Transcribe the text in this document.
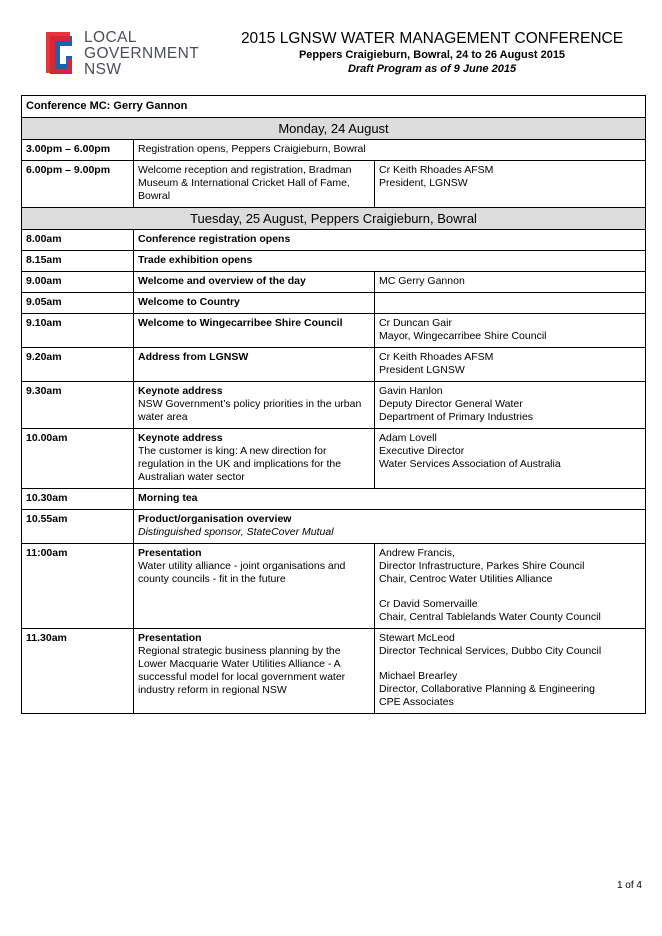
LOCAL
GOVERNMENT
NSW
2015 LGNSW WATER MANAGEMENT CONFERENCE
Peppers Craigieburn, Bowral, 24 to 26 August 2015
Draft Program as of 9 June 2015
Conference MC: Gerry Gannon		
Monday, 24 August		
3.00pm – 6.00pm	Registration opens, Peppers Craigieburn, Bowral	

6.00pm – 9.00pm	Welcome reception and registration, Bradman Museum & International Cricket Hall of Fame, Bowral	Cr Keith Rhoades AFSM
President, LGNSW

Tuesday, 25 August, Peppers Craigieburn, Bowral		
8.00am	Conference registration opens	

8.15am	Trade exhibition opens	

9.00am	Welcome and overview of the day	MC Gerry Gannon

9.05am	Welcome to Country	

9.10am	Welcome to Wingecarribee Shire Council	Cr Duncan Gair
Mayor, Wingecarribee Shire Council

9.20am	Address from LGNSW	Cr Keith Rhoades AFSM
President LGNSW

9.30am	Keynote address
NSW Government’s policy priorities in the urban water area	Gavin Hanlon
Deputy Director General Water
Department of Primary Industries

10.00am	Keynote address
The customer is king: A new direction for regulation in the UK and implications for the Australian water sector	Adam Lovell
Executive Director
Water Services Association of Australia

10.30am	Morning tea	

10.55am	Product/organisation overview
Distinguished sponsor, StateCover Mutual	

11:00am	Presentation
Water utility alliance - joint organisations and county councils - fit in the future	Andrew Francis,
Director Infrastructure, Parkes Shire Council
Chair, Centroc Water Utilities Alliance
Cr David Somervaille
Chair, Central Tablelands Water County Council

11.30am	Presentation
Regional strategic business planning by the Lower Macquarie Water Utilities Alliance - A successful model for local government water industry reform in regional NSW	Stewart McLeod
Director Technical Services, Dubbo City Council
Michael Brearley
Director, Collaborative Planning & Engineering
CPE Associates
1 of 4
